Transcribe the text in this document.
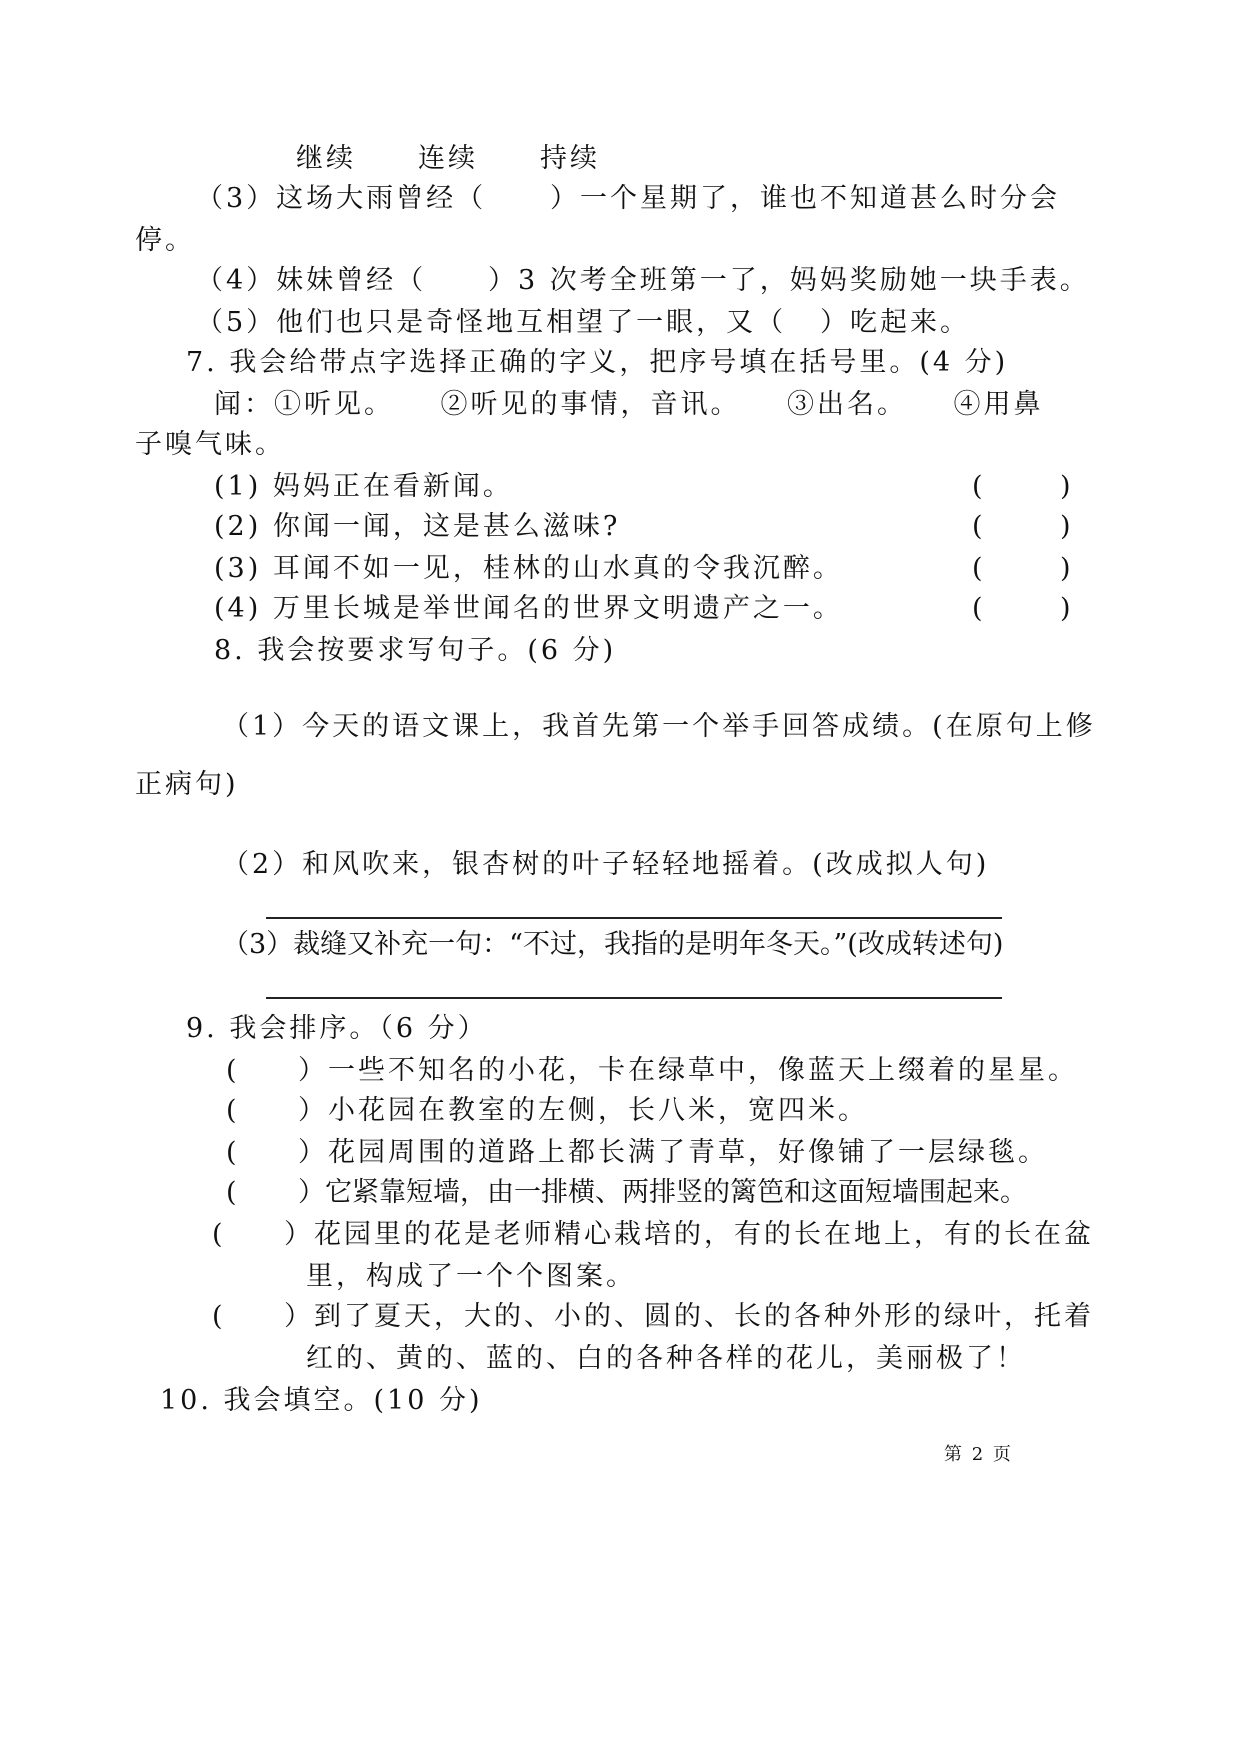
继续 连续 持续
（3）这场大雨曾经（ ）一个星期了，谁也不知道甚么时分会
停。
（4）妹妹曾经（ ）3 次考全班第一了，妈妈奖励她一块手表。
（5）他们也只是奇怪地互相望了一眼，又（ ）吃起来。
7. 我会给带点字选择正确的字义，把序号填在括号里。(4 分)
闻：①听见。　　②听见的事情，音讯。　　③出名。　　④用鼻
子嗅气味。
(1) 妈妈正在看新闻。	(	)
(2) 你闻一闻，这是甚么滋味?	(	)
(3) 耳闻不如一见，桂林的山水真的令我沉醉。	(	)
(4) 万里长城是举世闻名的世界文明遗产之一。	(	)
8. 我会按要求写句子。(6 分)
（1）今天的语文课上，我首先第一个举手回答成绩。(在原句上修
正病句)
（2）和风吹来，银杏树的叶子轻轻地摇着。(改成拟人句)
（3）裁缝又补充一句：“不过，我指的是明年冬天。”(改成转述句)
9. 我会排序。（6 分）
( ）一些不知名的小花，卡在绿草中，像蓝天上缀着的星星。
( ）小花园在教室的左侧，长八米，宽四米。
( ）花园周围的道路上都长满了青草，好像铺了一层绿毯。
( ）它紧靠短墙，由一排横、两排竖的篱笆和这面短墙围起来。
( ）花园里的花是老师精心栽培的，有的长在地上，有的长在盆
里，构成了一个个图案。
( ）到了夏天，大的、小的、圆的、长的各种外形的绿叶，托着
红的、黄的、蓝的、白的各种各样的花儿，美丽极了！
10. 我会填空。(10 分)
第 2 页
